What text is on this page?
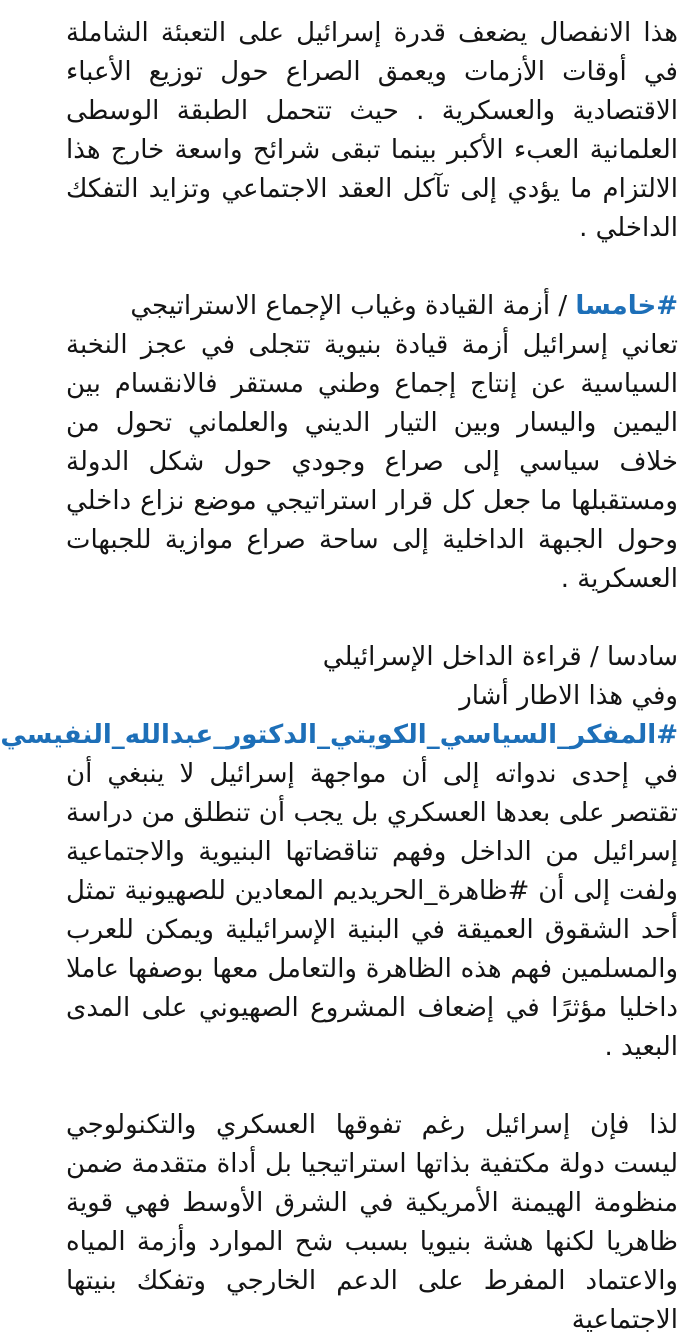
هذا الانفصال يضعف قدرة إسرائيل على التعبئة الشاملة في أوقات الأزمات ويعمق الصراع حول توزيع الأعباء الاقتصادية والعسكرية . حيث تتحمل الطبقة الوسطى العلمانية العبء الأكبر بينما تبقى شرائح واسعة خارج هذا الالتزام ما يؤدي إلى تآكل العقد الاجتماعي وتزايد التفكك الداخلي .

#خامسا / أزمة القيادة وغياب الإجماع الاستراتيجي
تعاني إسرائيل أزمة قيادة بنيوية تتجلى في عجز النخبة السياسية عن إنتاج إجماع وطني مستقر فالانقسام بين اليمين واليسار وبين التيار الديني والعلماني تحول من خلاف سياسي إلى صراع وجودي حول شكل الدولة ومستقبلها ما جعل كل قرار استراتيجي موضع نزاع داخلي وحول الجبهة الداخلية إلى ساحة صراع موازية للجبهات العسكرية .

سادسا / قراءة الداخل الإسرائيلي
وفي هذا الاطار أشار
#المفكر_السياسي_الكويتي_الدكتور_عبدالله_النفيسي في إحدى ندواته إلى أن مواجهة إسرائيل لا ينبغي أن تقتصر على بعدها العسكري بل يجب أن تنطلق من دراسة إسرائيل من الداخل وفهم تناقضاتها البنيوية والاجتماعية ولفت إلى أن #ظاهرة_الحريديم المعادين للصهيونية تمثل أحد الشقوق العميقة في البنية الإسرائيلية ويمكن للعرب والمسلمين فهم هذه الظاهرة والتعامل معها بوصفها عاملا داخليا مؤثرًا في إضعاف المشروع الصهيوني على المدى البعيد .

لذا فإن إسرائيل رغم تفوقها العسكري والتكنولوجي ليست دولة مكتفية بذاتها استراتيجيا بل أداة متقدمة ضمن منظومة الهيمنة الأمريكية في الشرق الأوسط فهي قوية ظاهريا لكنها هشة بنيويا بسبب شح الموارد وأزمة المياه والاعتماد المفرط على الدعم الخارجي وتفكك بنيتها الاجتماعية
